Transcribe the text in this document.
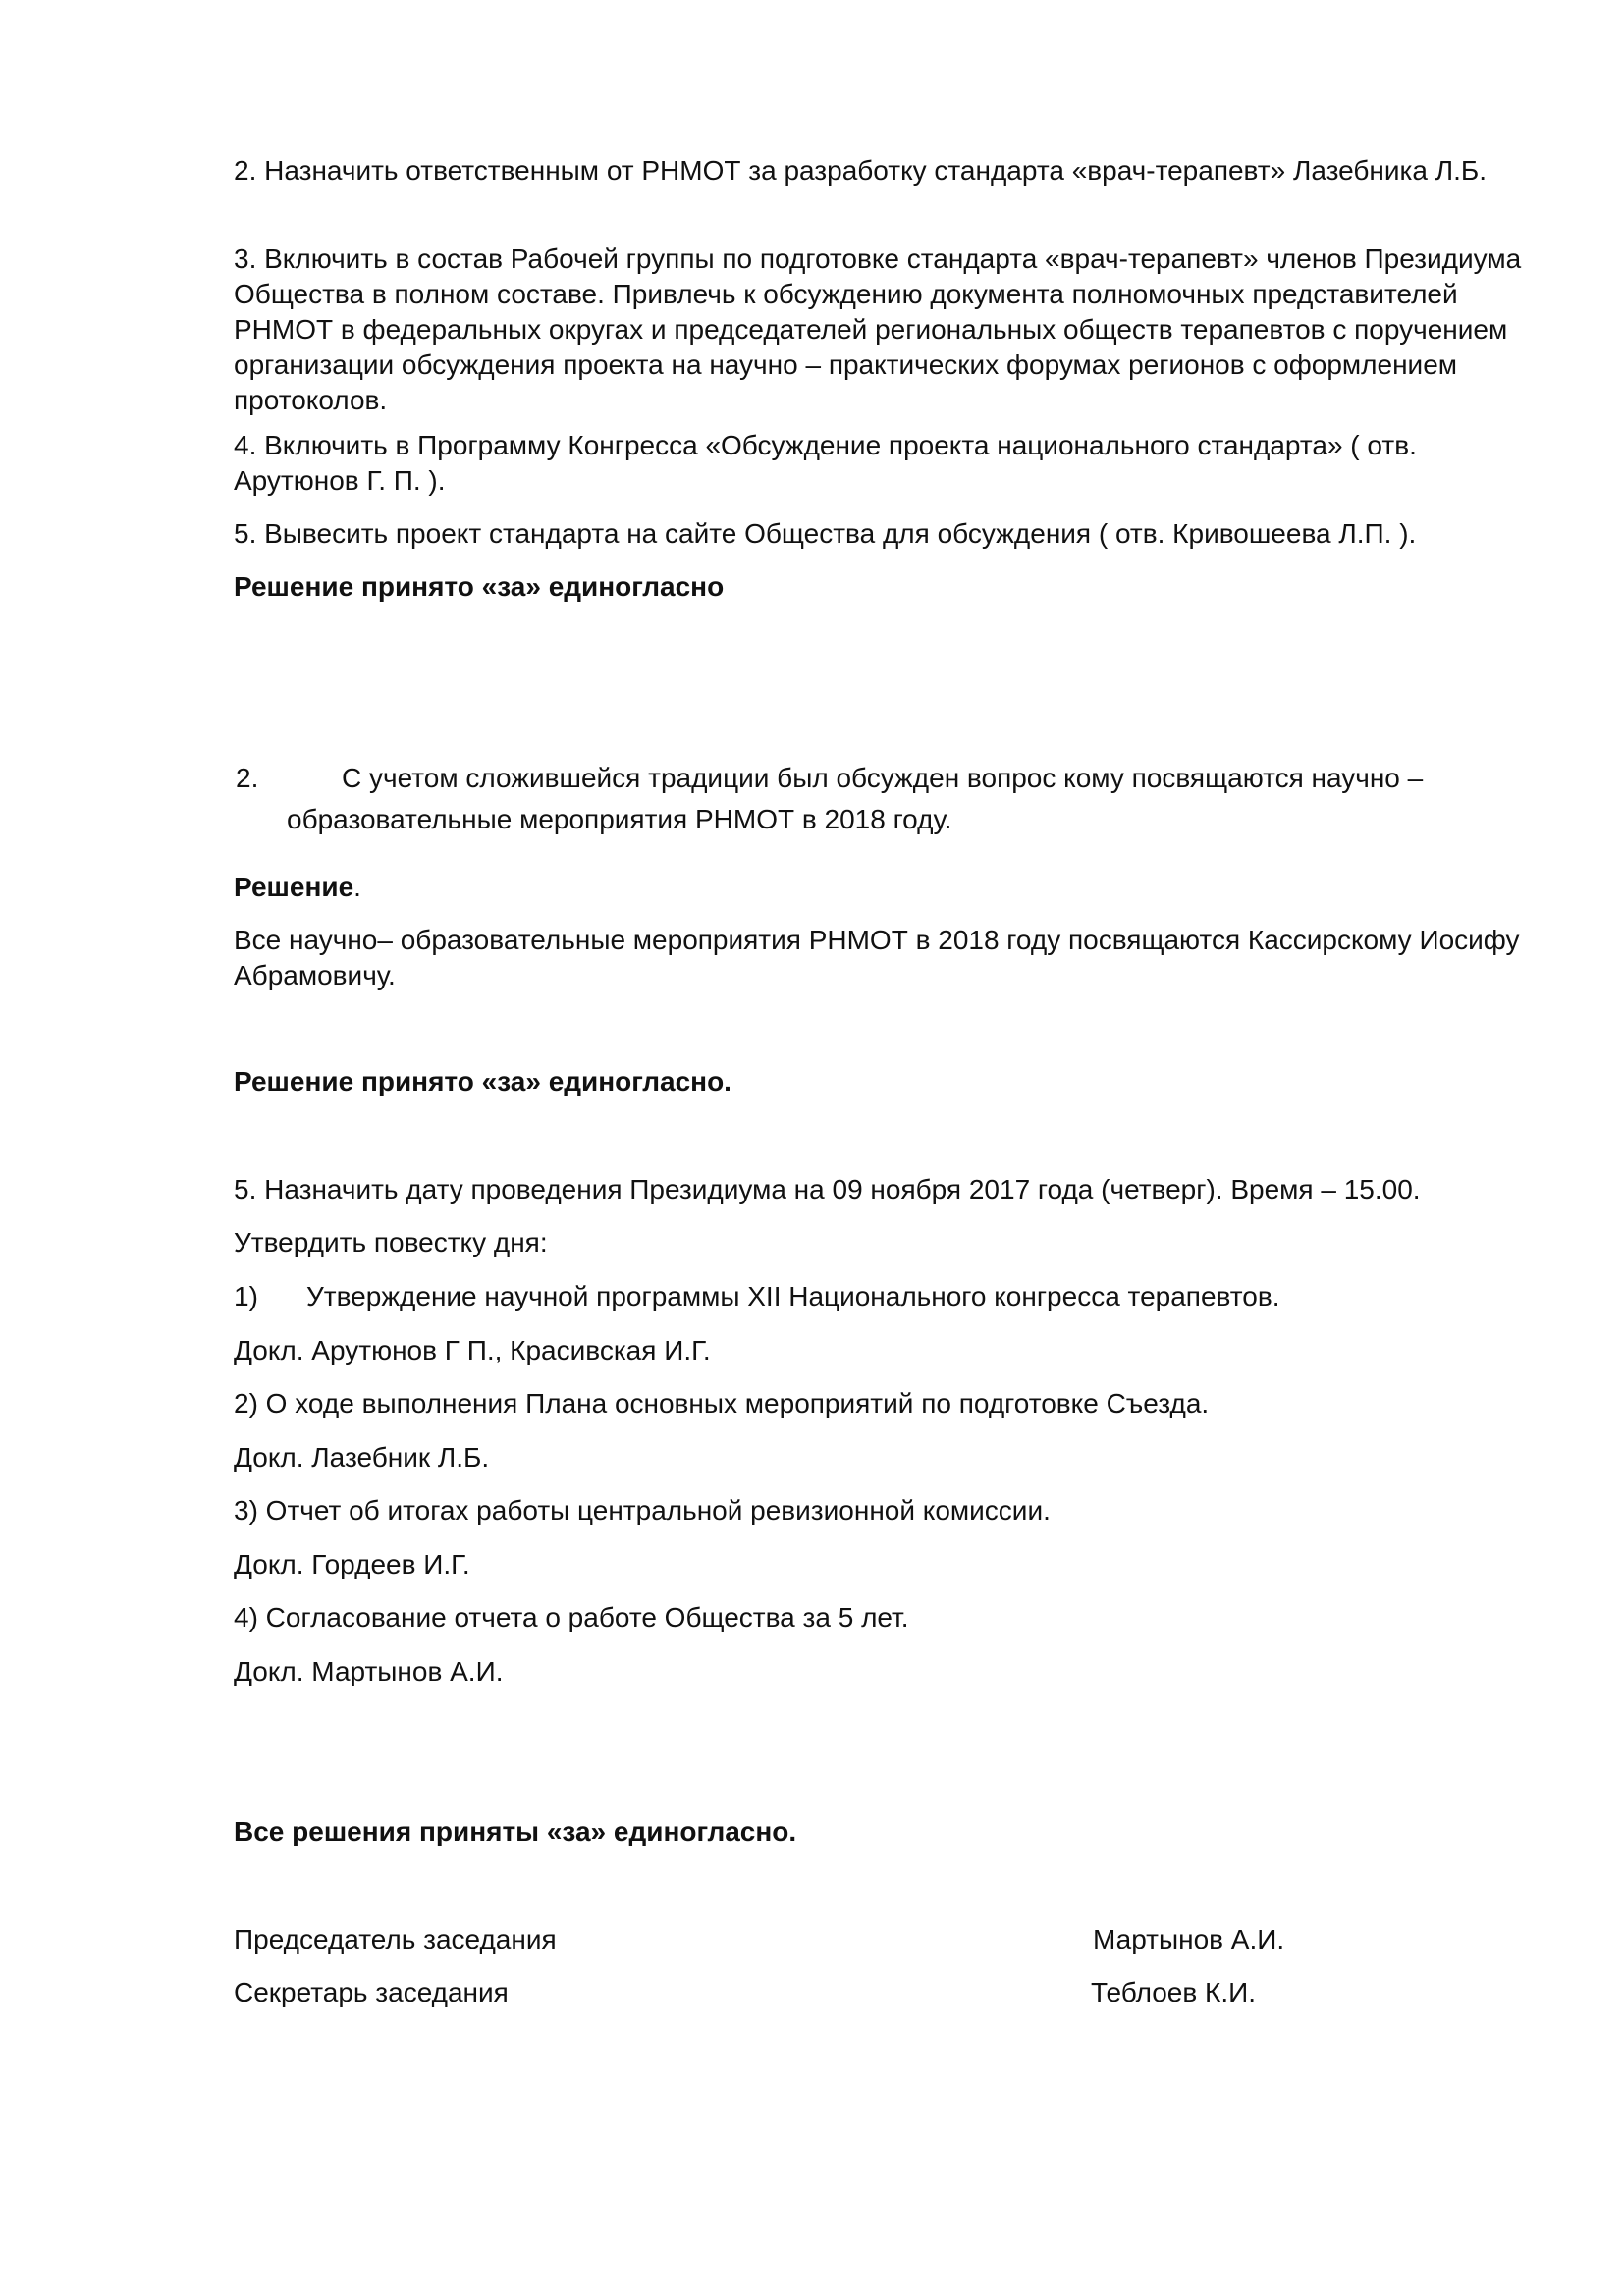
2. Назначить ответственным от РНМОТ за разработку стандарта «врач-терапевт» Лазебника Л.Б.

3. Включить в состав Рабочей группы по подготовке стандарта «врач-терапевт» членов Президиума Общества в полном составе. Привлечь к обсуждению документа полномочных представителей РНМОТ в федеральных округах и председателей региональных обществ терапевтов с поручением организации обсуждения проекта на научно – практических форумах регионов с оформлением протоколов.

4. Включить в Программу Конгресса «Обсуждение проекта национального стандарта» ( отв. Арутюнов Г. П. ).

5. Вывесить проект стандарта на сайте Общества для обсуждения ( отв. Кривошеева Л.П. ).

Решение принято «за» единогласно

2.	С учетом сложившейся традиции был обсужден вопрос кому посвящаются научно –
образовательные мероприятия РНМОТ в 2018 году.

Решение.

Все научно– образовательные мероприятия РНМОТ в 2018 году посвящаются Кассирскому Иосифу Абрамовичу.

Решение принято «за» единогласно.

5. Назначить дату проведения Президиума на 09 ноября 2017 года (четверг). Время – 15.00.

Утвердить повестку дня:

1) Утверждение научной программы XII Национального конгресса терапевтов.

Докл. Арутюнов Г П., Красивская И.Г.

2) О ходе выполнения Плана основных мероприятий по подготовке Съезда.

Докл. Лазебник Л.Б.

3) Отчет об итогах работы центральной ревизионной комиссии.

Докл. Гордеев И.Г.

4) Согласование отчета о работе Общества за 5 лет.

Докл. Мартынов А.И.

Все решения приняты «за» единогласно.

Председатель заседания	Мартынов А.И.

Секретарь заседания	Теблоев К.И.
